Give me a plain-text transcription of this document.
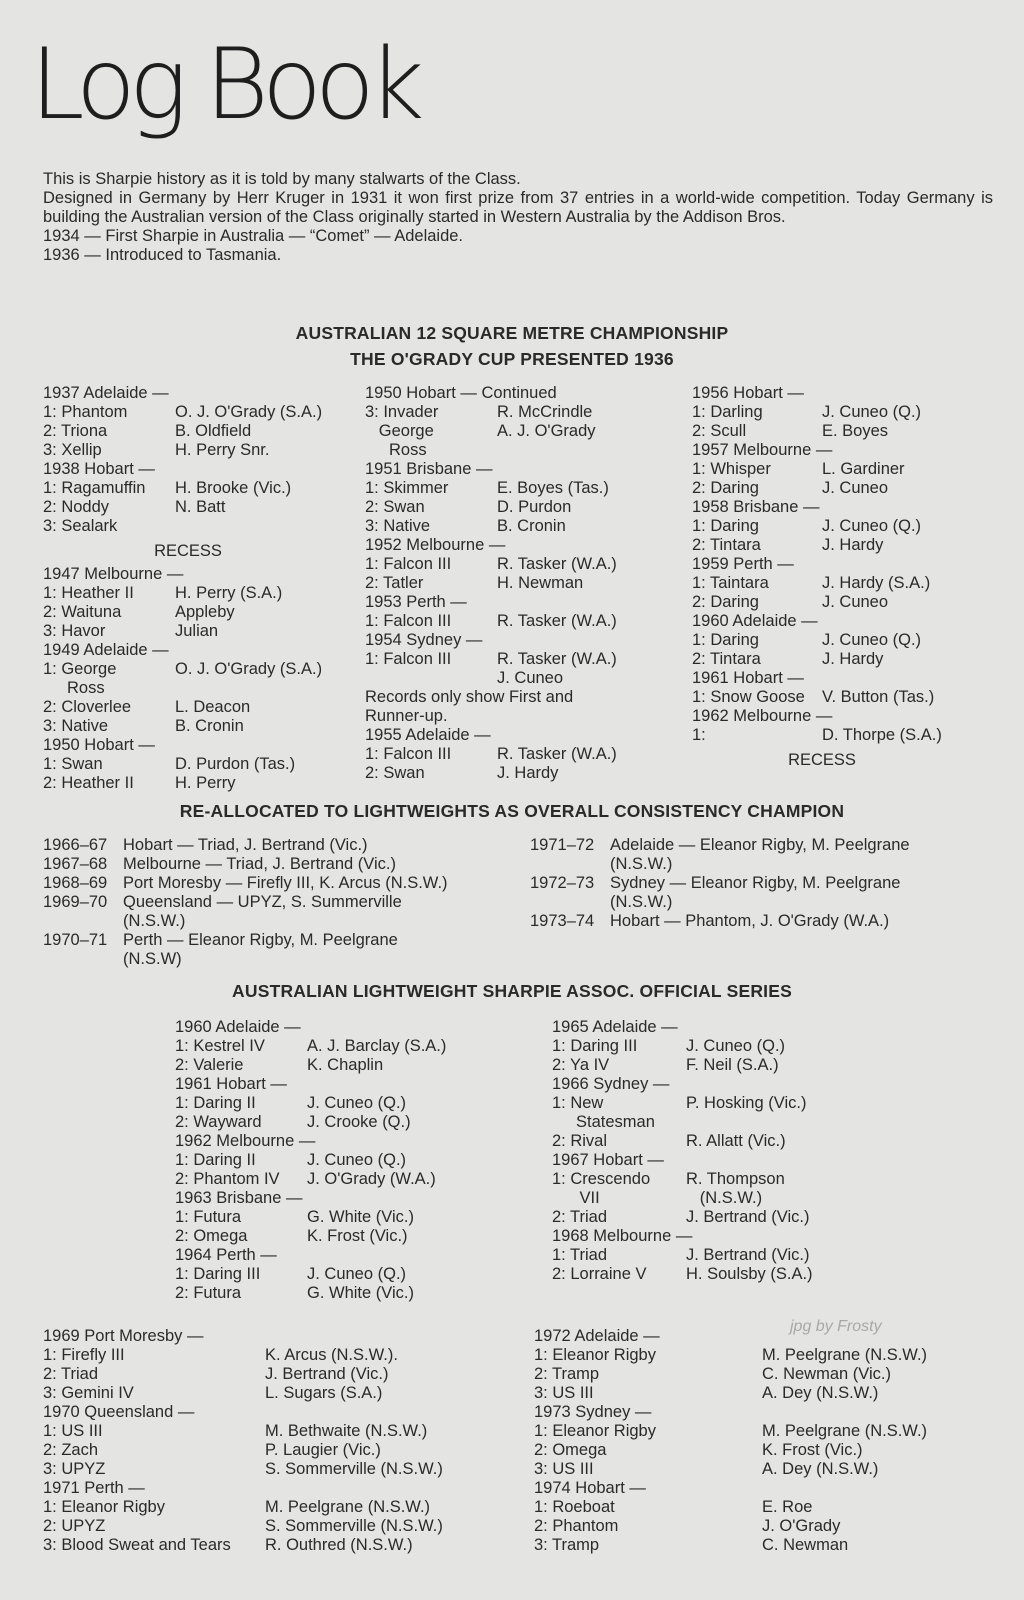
Log Book

This is Sharpie history as it is told by many stalwarts of the Class.

Designed in Germany by Herr Kruger in 1931 it won first prize from 37 entries in a world-wide competition. Today Germany is building the Australian version of the Class originally started in Western Australia by the Addison Bros.

1934 — First Sharpie in Australia — “Comet” — Adelaide.

1936 — Introduced to Tasmania.

AUSTRALIAN 12 SQUARE METRE CHAMPIONSHIP
THE O'GRADY CUP PRESENTED 1936
1937 Adelaide —
1: Phantom	O. J. O'Grady (S.A.)
2: Triona	B. Oldfield
3: Xellip	H. Perry Snr.
1938 Hobart —
1: Ragamuffin	H. Brooke (Vic.)
2: Noddy	N. Batt
3: Sealark
RECESS
1947 Melbourne —
1: Heather II	H. Perry (S.A.)
2: Waituna	Appleby
3: Havor	Julian
1949 Adelaide —
1: George	O. J. O'Grady (S.A.)
Ross
2: Cloverlee	L. Deacon
3: Native	B. Cronin
1950 Hobart —
1: Swan	D. Purdon (Tas.)
2: Heather II	H. Perry
1950 Hobart — Continued
3: Invader	R. McCrindle
George	A. J. O'Grady
Ross
1951 Brisbane —
1: Skimmer	E. Boyes (Tas.)
2: Swan	D. Purdon
3: Native	B. Cronin
1952 Melbourne —
1: Falcon III	R. Tasker (W.A.)
2: Tatler	H. Newman
1953 Perth —
1: Falcon III	R. Tasker (W.A.)
1954 Sydney —
1: Falcon III	R. Tasker (W.A.)
J. Cuneo
Records only show First and
Runner-up.
1955 Adelaide —
1: Falcon III	R. Tasker (W.A.)
2: Swan	J. Hardy
1956 Hobart —
1: Darling	J. Cuneo (Q.)
2: Scull	E. Boyes
1957 Melbourne —
1: Whisper	L. Gardiner
2: Daring	J. Cuneo
1958 Brisbane —
1: Daring	J. Cuneo (Q.)
2: Tintara	J. Hardy
1959 Perth —
1: Taintara	J. Hardy (S.A.)
2: Daring	J. Cuneo
1960 Adelaide —
1: Daring	J. Cuneo (Q.)
2: Tintara	J. Hardy
1961 Hobart —
1: Snow Goose	V. Button (Tas.)
1962 Melbourne —
1:	D. Thorpe (S.A.)
RECESS
RE-ALLOCATED TO LIGHTWEIGHTS AS OVERALL CONSISTENCY CHAMPION
1966–67 Hobart — Triad, J. Bertrand (Vic.)
1967–68 Melbourne — Triad, J. Bertrand (Vic.)
1968–69 Port Moresby — Firefly III, K. Arcus (N.S.W.)
1969–70 Queensland — UPYZ, S. Summerville
(N.S.W.)
1970–71 Perth — Eleanor Rigby, M. Peelgrane
(N.S.W)
1971–72 Adelaide — Eleanor Rigby, M. Peelgrane
(N.S.W.)
1972–73 Sydney — Eleanor Rigby, M. Peelgrane
(N.S.W.)
1973–74 Hobart — Phantom, J. O'Grady (W.A.)
AUSTRALIAN LIGHTWEIGHT SHARPIE ASSOC. OFFICIAL SERIES
1960 Adelaide —
1: Kestrel IV	A. J. Barclay (S.A.)
2: Valerie	K. Chaplin
1961 Hobart —
1: Daring II	J. Cuneo (Q.)
2: Wayward	J. Crooke (Q.)
1962 Melbourne —
1: Daring II	J. Cuneo (Q.)
2: Phantom IV	J. O'Grady (W.A.)
1963 Brisbane —
1: Futura	G. White (Vic.)
2: Omega	K. Frost (Vic.)
1964 Perth —
1: Daring III	J. Cuneo (Q.)
2: Futura	G. White (Vic.)
1965 Adelaide —
1: Daring III	J. Cuneo (Q.)
2: Ya IV	F. Neil (S.A.)
1966 Sydney —
1: New	P. Hosking (Vic.)
Statesman
2: Rival	R. Allatt (Vic.)
1967 Hobart —
1: Crescendo	R. Thompson
VII	(N.S.W.)
2: Triad	J. Bertrand (Vic.)
1968 Melbourne —
1: Triad	J. Bertrand (Vic.)
2: Lorraine V	H. Soulsby (S.A.)
1969 Port Moresby —
1: Firefly III	K. Arcus (N.S.W.).
2: Triad	J. Bertrand (Vic.)
3: Gemini IV	L. Sugars (S.A.)
1970 Queensland —
1: US III	M. Bethwaite (N.S.W.)
2: Zach	P. Laugier (Vic.)
3: UPYZ	S. Sommerville (N.S.W.)
1971 Perth —
1: Eleanor Rigby	M. Peelgrane (N.S.W.)
2: UPYZ	S. Sommerville (N.S.W.)
3: Blood Sweat and Tears	R. Outhred (N.S.W.)
1972 Adelaide —
1: Eleanor Rigby	M. Peelgrane (N.S.W.)
2: Tramp	C. Newman (Vic.)
3: US III	A. Dey (N.S.W.)
1973 Sydney —
1: Eleanor Rigby	M. Peelgrane (N.S.W.)
2: Omega	K. Frost (Vic.)
3: US III	A. Dey (N.S.W.)
1974 Hobart —
1: Roeboat	E. Roe
2: Phantom	J. O'Grady
3: Tramp	C. Newman
jpg by Frosty
